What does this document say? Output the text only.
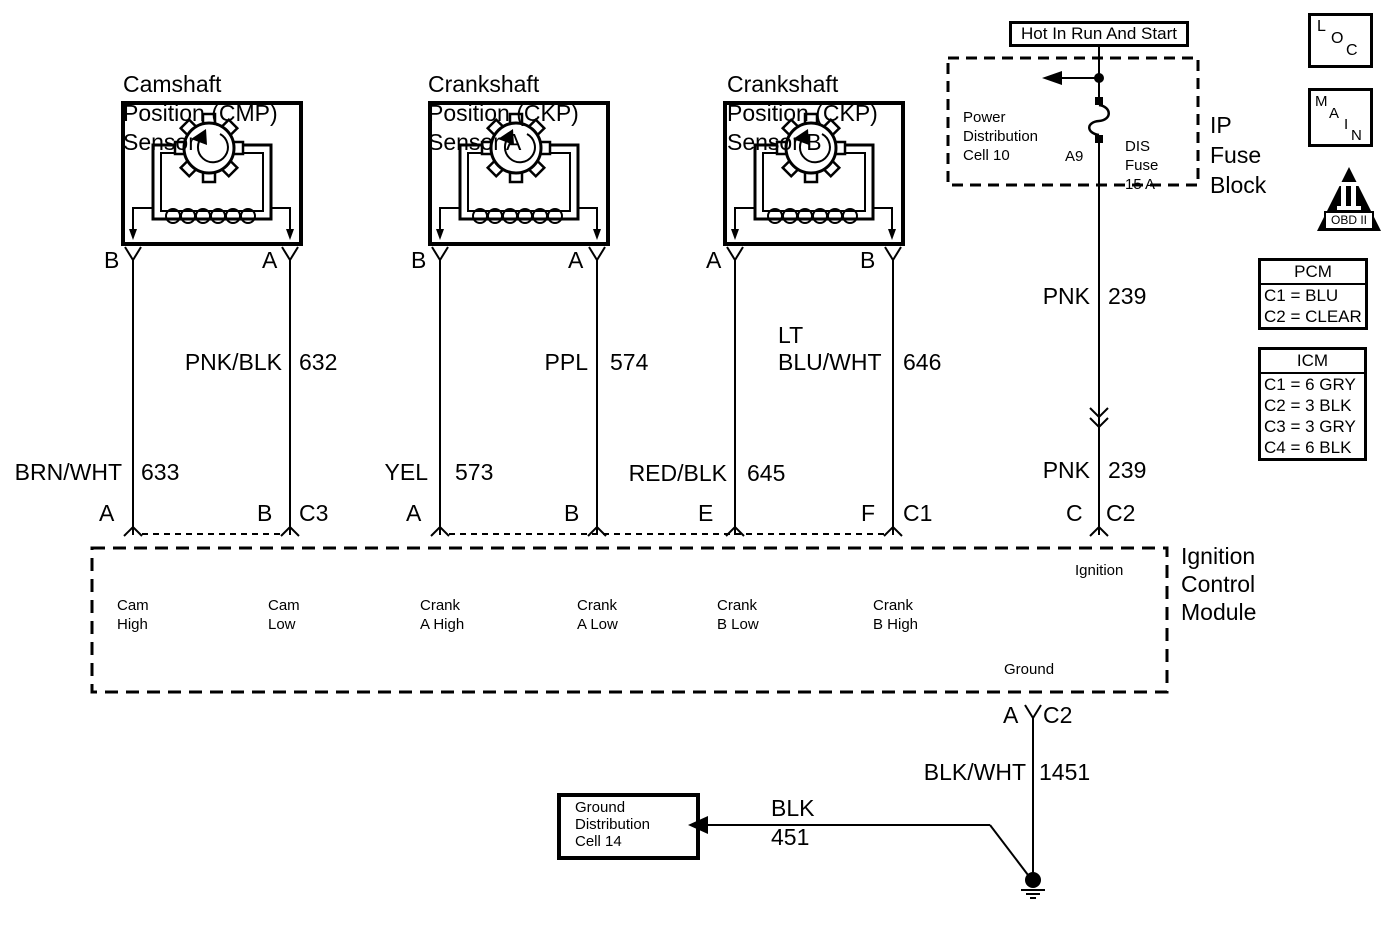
Camshaft
Position (CMP)
Sensor

Crankshaft
Position (CKP)
Sensor A

Crankshaft
Position (CKP)
Sensor B

B	A	B	A	A	B
BRN/WHT 633
PNK/BLK 632
YEL 573
PPL 574
RED/BLK 645
LT
BLU/WHT 646
PNK 239
PNK 239
BLK/WHT 1451
BLK
451
A	B C3	A	B	E	F C1	C C2
A C2

Cam
High

Cam
Low

Crank
A High

Crank
A Low

Crank
B Low

Crank
B High

Ignition
Ground
Ignition
Control
Module
Hot In Run And Start

Power
Distribution
Cell 10

DIS
Fuse
15 A

A9

IP
Fuse
Block

L
O
C
M
A
I
N
OBD II
PCM
C1 = BLU
C2 = CLEAR
ICM
C1 = 6 GRY
C2 = 3 BLK
C3 = 3 GRY
C4 = 6 BLK
Ground
Distribution
Cell 14
